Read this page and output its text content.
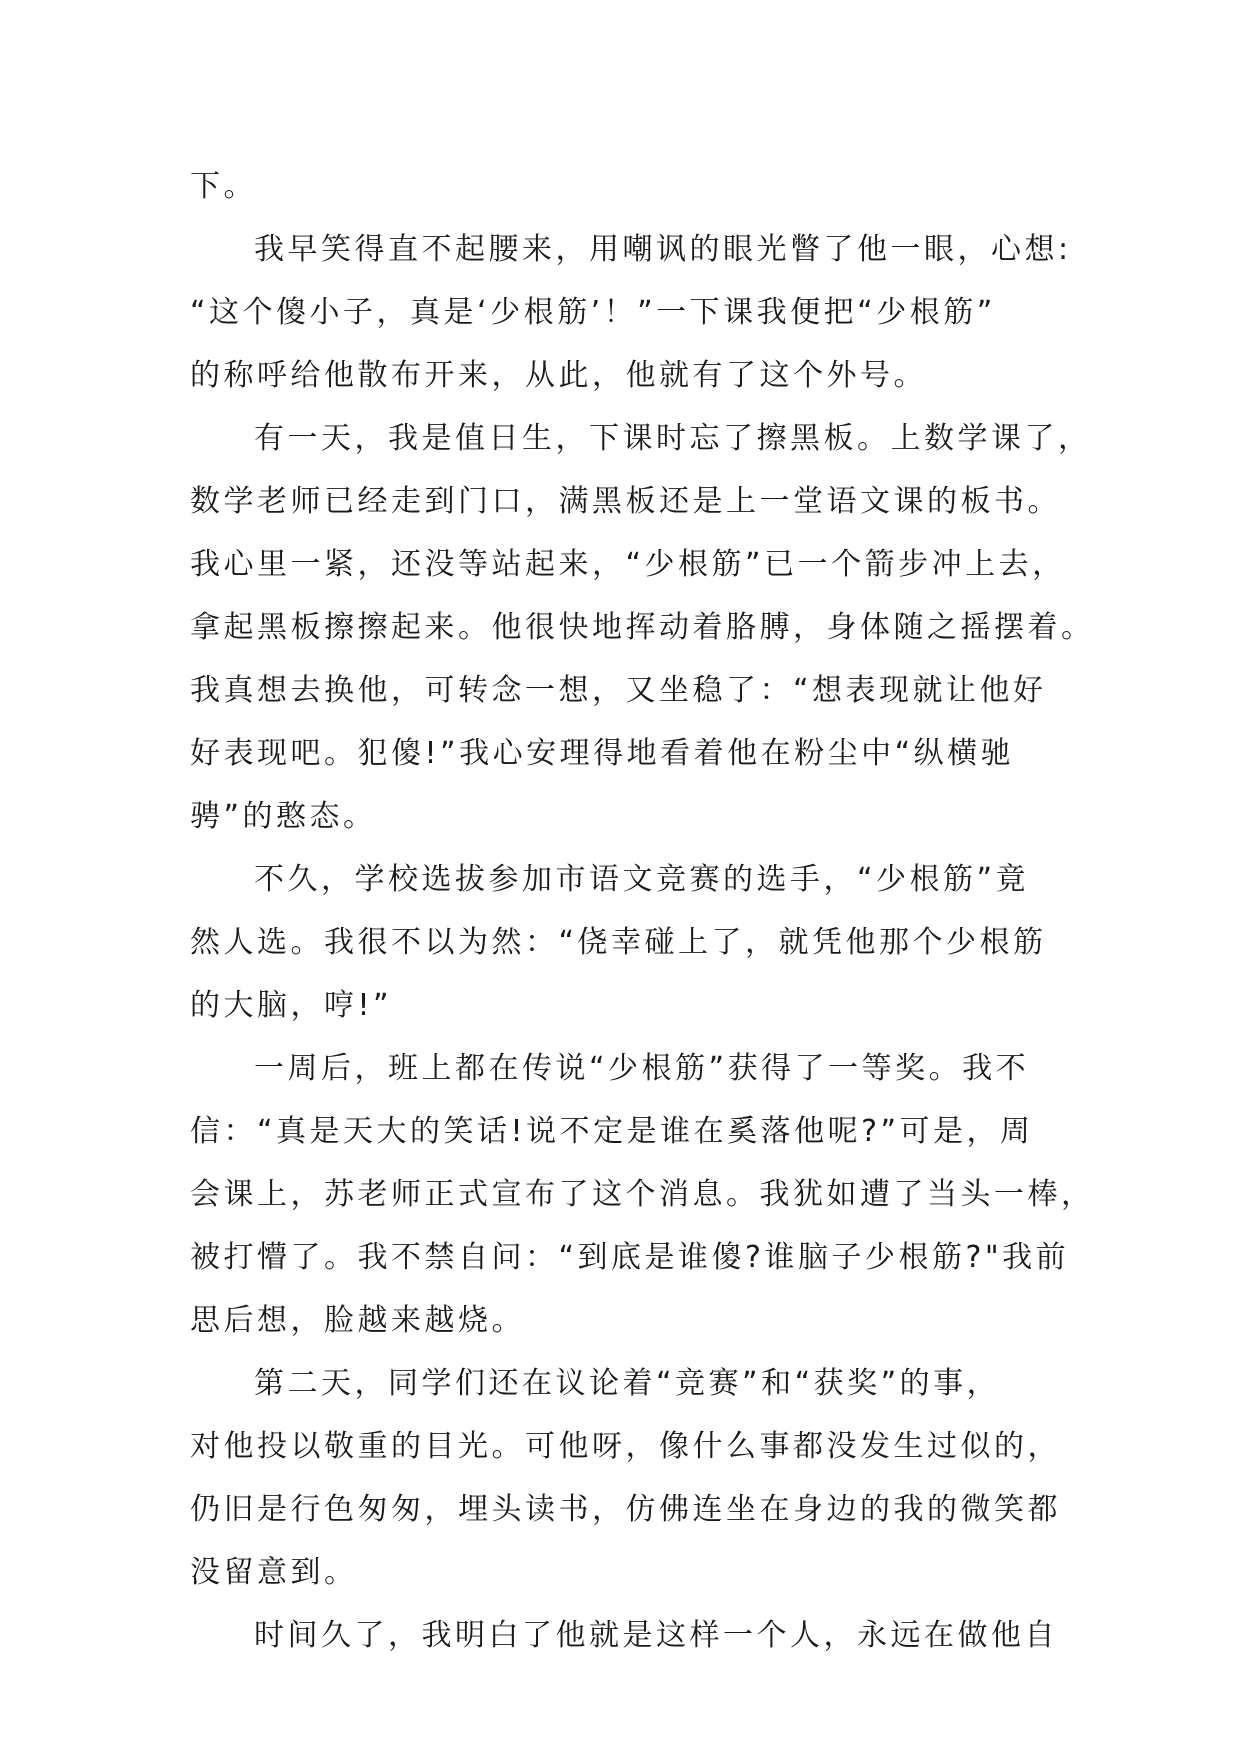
下。
我早笑得直不起腰来，用嘲讽的眼光瞥了他一眼，心想:
“这个傻小子，真是‘少根筋’！”一下课我便把“少根筋”
的称呼给他散布开来，从此，他就有了这个外号。
有一天，我是值日生，下课时忘了擦黑板。上数学课了，
数学老师已经走到门口，满黑板还是上一堂语文课的板书。
我心里一紧，还没等站起来，“少根筋”已一个箭步冲上去，
拿起黑板擦擦起来。他很快地挥动着胳膊，身体随之摇摆着。
我真想去换他，可转念一想，又坐稳了：“想表现就让他好
好表现吧。犯傻!”我心安理得地看着他在粉尘中“纵横驰
骋”的憨态。
不久，学校选拔参加市语文竞赛的选手，“少根筋”竟
然人选。我很不以为然：“侥幸碰上了，就凭他那个少根筋
的大脑，哼!”
一周后，班上都在传说“少根筋”获得了一等奖。我不
信：“真是天大的笑话!说不定是谁在奚落他呢?”可是，周
会课上，苏老师正式宣布了这个消息。我犹如遭了当头一棒，
被打懵了。我不禁自问：“到底是谁傻?谁脑子少根筋?"我前
思后想，脸越来越烧。
第二天，同学们还在议论着“竞赛”和“获奖”的事，
对他投以敬重的目光。可他呀，像什么事都没发生过似的，
仍旧是行色匆匆，埋头读书，仿佛连坐在身边的我的微笑都
没留意到。
时间久了，我明白了他就是这样一个人，永远在做他自
